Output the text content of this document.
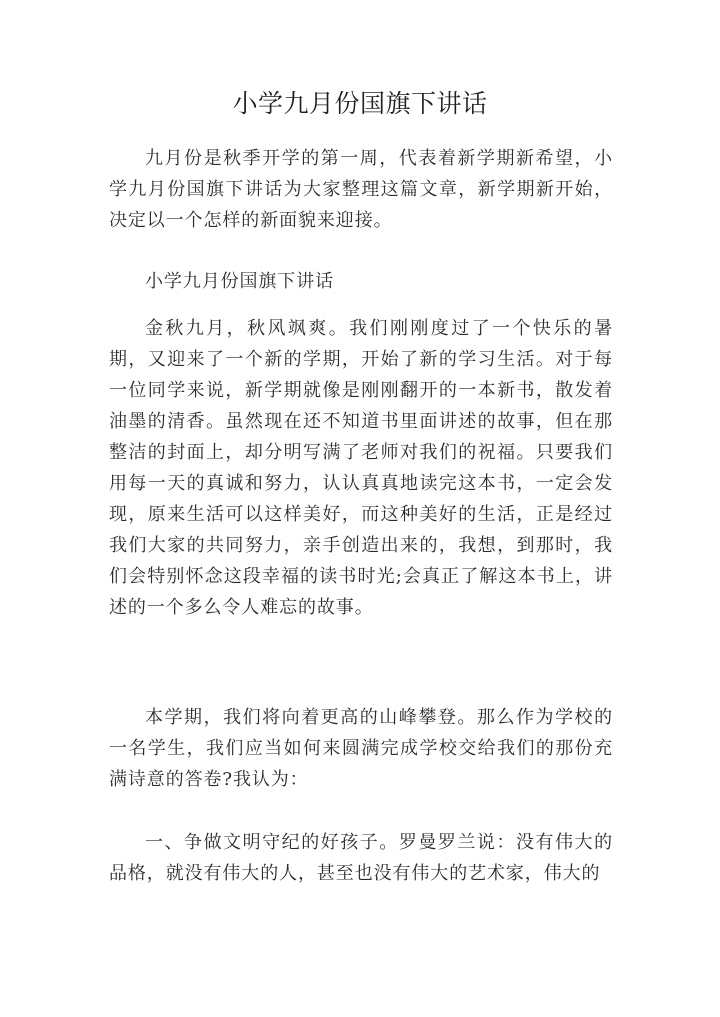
小学九月份国旗下讲话

九月份是秋季开学的第一周，代表着新学期新希望，小学九月份国旗下讲话为大家整理这篇文章，新学期新开始，决定以一个怎样的新面貌来迎接。

小学九月份国旗下讲话

金秋九月，秋风飒爽。我们刚刚度过了一个快乐的暑期，又迎来了一个新的学期，开始了新的学习生活。对于每一位同学来说，新学期就像是刚刚翻开的一本新书，散发着油墨的清香。虽然现在还不知道书里面讲述的故事，但在那整洁的封面上，却分明写满了老师对我们的祝福。只要我们用每一天的真诚和努力，认认真真地读完这本书，一定会发现，原来生活可以这样美好，而这种美好的生活，正是经过我们大家的共同努力，亲手创造出来的，我想，到那时，我们会特别怀念这段幸福的读书时光;会真正了解这本书上，讲述的一个多么令人难忘的故事。

本学期，我们将向着更高的山峰攀登。那么作为学校的一名学生，我们应当如何来圆满完成学校交给我们的那份充满诗意的答卷?我认为：

一、争做文明守纪的好孩子。罗曼罗兰说：没有伟大的品格，就没有伟大的人，甚至也没有伟大的艺术家，伟大的
